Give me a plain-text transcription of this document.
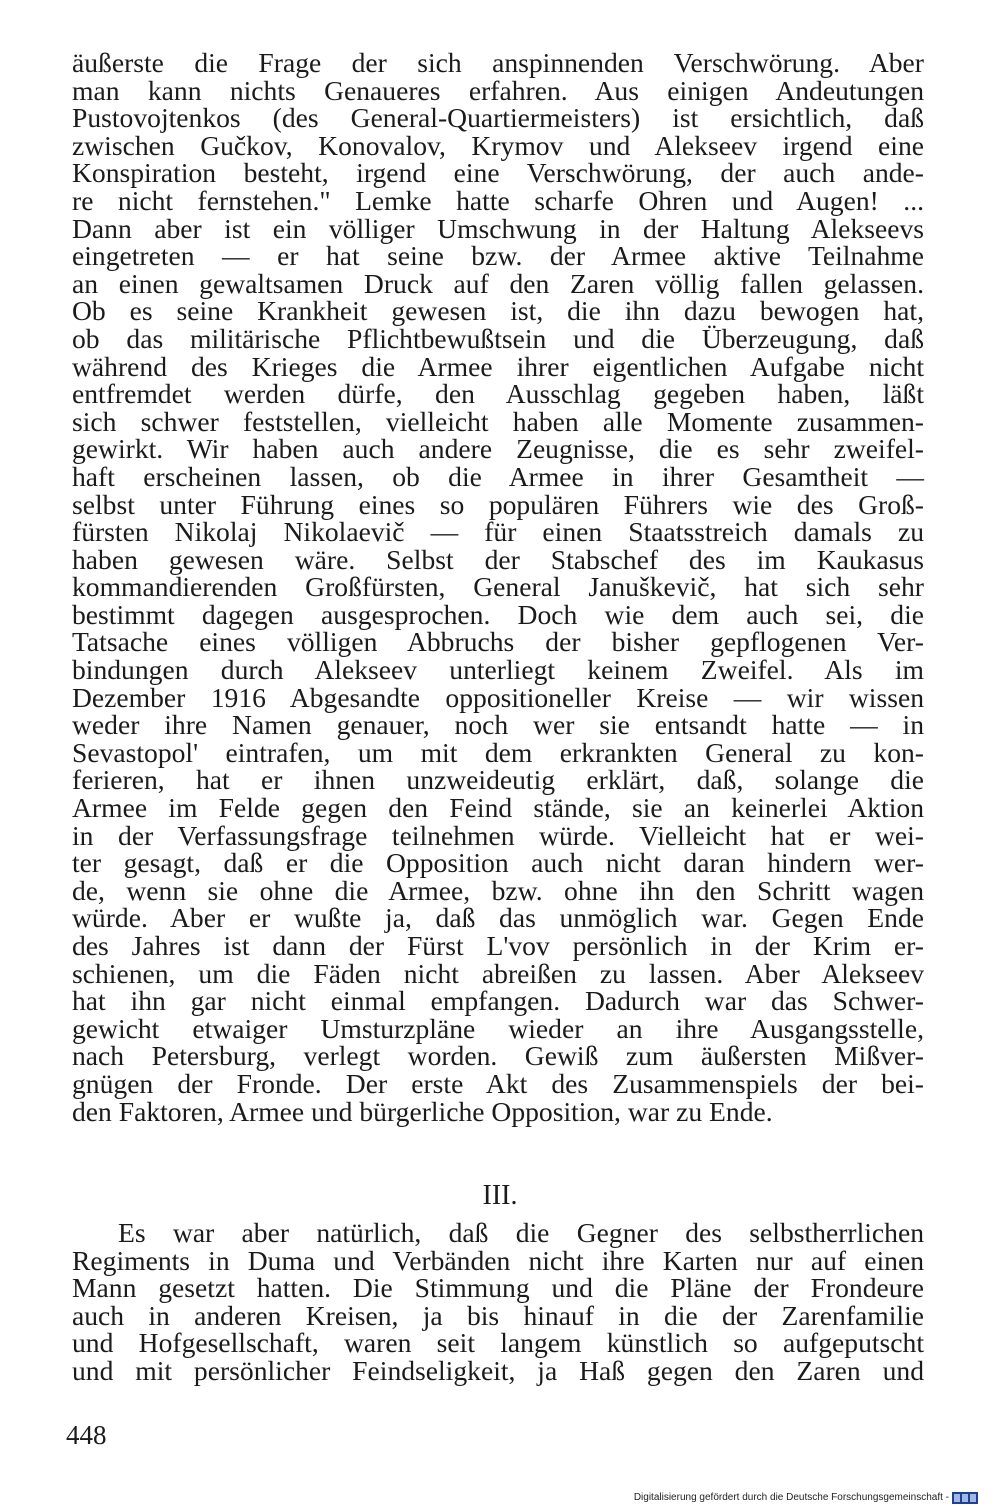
äußerste die Frage der sich anspinnenden Verschwörung. Aber
man kann nichts Genaueres erfahren. Aus einigen Andeutungen
Pustovojtenkos (des General-Quartiermeisters) ist ersichtlich, daß
zwischen Gučkov, Konovalov, Krymov und Alekseev irgend eine
Konspiration besteht, irgend eine Verschwörung, der auch ande-
re nicht fernstehen." Lemke hatte scharfe Ohren und Augen! ...
Dann aber ist ein völliger Umschwung in der Haltung Alekseevs
eingetreten — er hat seine bzw. der Armee aktive Teilnahme
an einen gewaltsamen Druck auf den Zaren völlig fallen gelassen.
Ob es seine Krankheit gewesen ist, die ihn dazu bewogen hat,
ob das militärische Pflichtbewußtsein und die Überzeugung, daß
während des Krieges die Armee ihrer eigentlichen Aufgabe nicht
entfremdet werden dürfe, den Ausschlag gegeben haben, läßt
sich schwer feststellen, vielleicht haben alle Momente zusammen-
gewirkt. Wir haben auch andere Zeugnisse, die es sehr zweifel-
haft erscheinen lassen, ob die Armee in ihrer Gesamtheit —
selbst unter Führung eines so populären Führers wie des Groß-
fürsten Nikolaj Nikolaevič — für einen Staatsstreich damals zu
haben gewesen wäre. Selbst der Stabschef des im Kaukasus
kommandierenden Großfürsten, General Januškevič, hat sich sehr
bestimmt dagegen ausgesprochen. Doch wie dem auch sei, die
Tatsache eines völligen Abbruchs der bisher gepflogenen Ver-
bindungen durch Alekseev unterliegt keinem Zweifel. Als im
Dezember 1916 Abgesandte oppositioneller Kreise — wir wissen
weder ihre Namen genauer, noch wer sie entsandt hatte — in
Sevastopol' eintrafen, um mit dem erkrankten General zu kon-
ferieren, hat er ihnen unzweideutig erklärt, daß, solange die
Armee im Felde gegen den Feind stände, sie an keinerlei Aktion
in der Verfassungsfrage teilnehmen würde. Vielleicht hat er wei-
ter gesagt, daß er die Opposition auch nicht daran hindern wer-
de, wenn sie ohne die Armee, bzw. ohne ihn den Schritt wagen
würde. Aber er wußte ja, daß das unmöglich war. Gegen Ende
des Jahres ist dann der Fürst L'vov persönlich in der Krim er-
schienen, um die Fäden nicht abreißen zu lassen. Aber Alekseev
hat ihn gar nicht einmal empfangen. Dadurch war das Schwer-
gewicht etwaiger Umsturzpläne wieder an ihre Ausgangsstelle,
nach Petersburg, verlegt worden. Gewiß zum äußersten Mißver-
gnügen der Fronde. Der erste Akt des Zusammenspiels der bei-
den Faktoren, Armee und bürgerliche Opposition, war zu Ende.
III.
Es war aber natürlich, daß die Gegner des selbstherrlichen
Regiments in Duma und Verbänden nicht ihre Karten nur auf einen
Mann gesetzt hatten. Die Stimmung und die Pläne der Frondeure
auch in anderen Kreisen, ja bis hinauf in die der Zarenfamilie
und Hofgesellschaft, waren seit langem künstlich so aufgeputscht
und mit persönlicher Feindseligkeit, ja Haß gegen den Zaren und
448
Digitalisierung gefördert durch die Deutsche Forschungsgemeinschaft -
